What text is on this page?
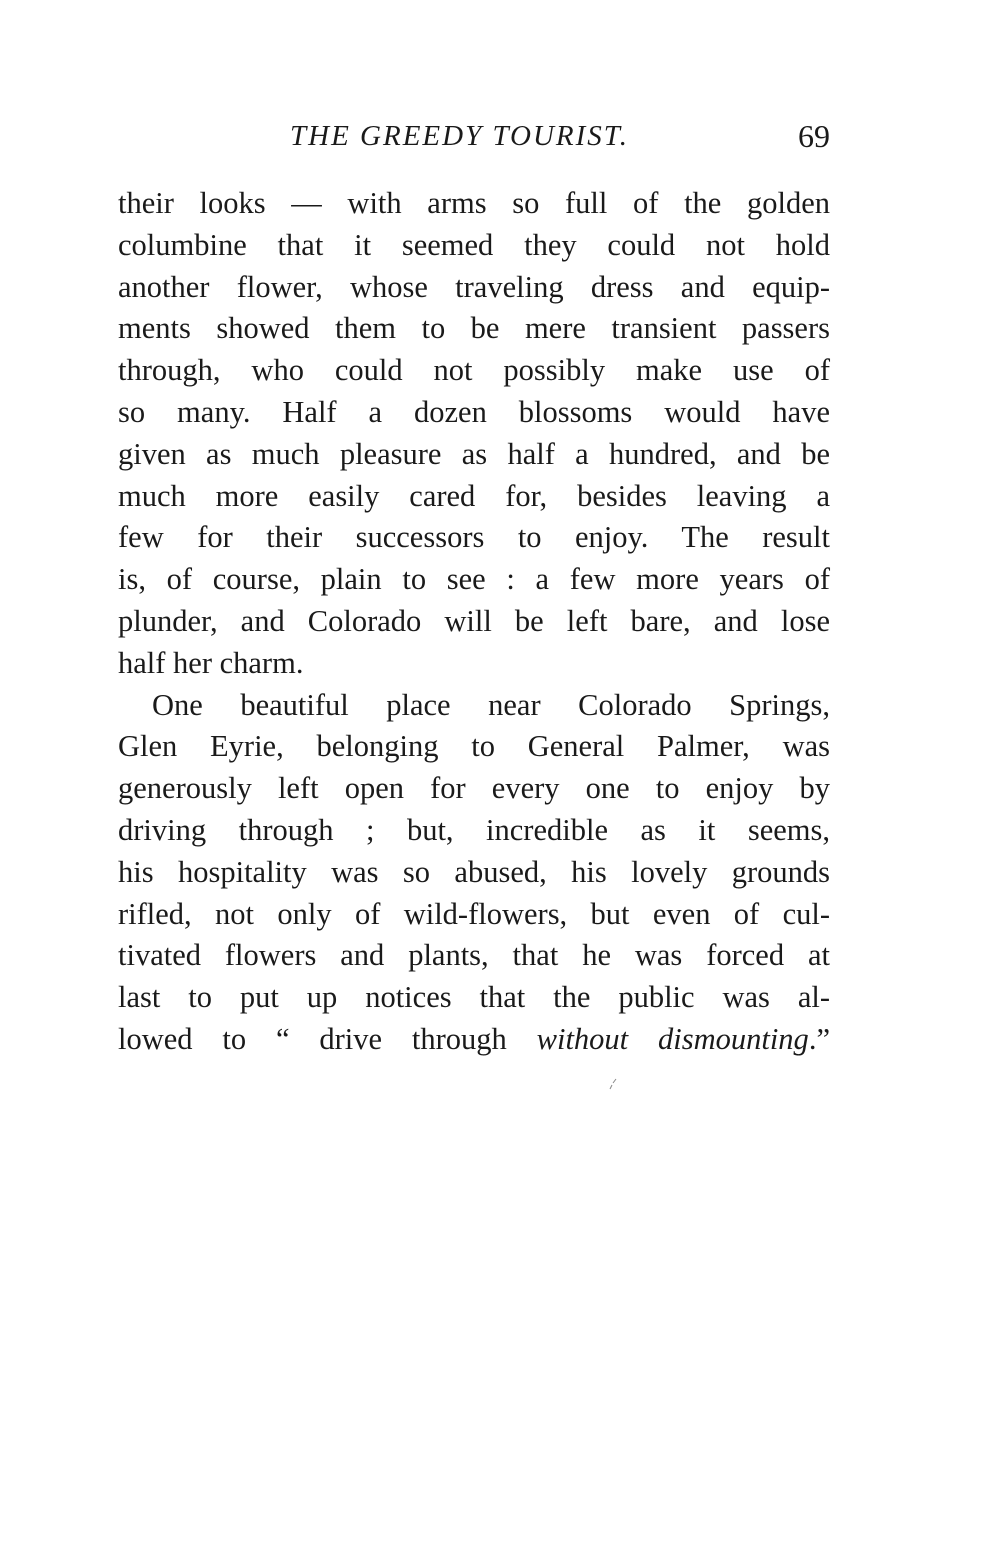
THE GREEDY TOURIST.	69
their looks — with arms so full of the golden
columbine that it seemed they could not hold
another flower, whose traveling dress and equip-
ments showed them to be mere transient passers
through, who could not possibly make use of
so many. Half a dozen blossoms would have
given as much pleasure as half a hundred, and be
much more easily cared for, besides leaving a
few for their successors to enjoy. The result
is, of course, plain to see : a few more years of
plunder, and Colorado will be left bare, and lose
half her charm.
One beautiful place near Colorado Springs,
Glen Eyrie, belonging to General Palmer, was
generously left open for every one to enjoy by
driving through ; but, incredible as it seems,
his hospitality was so abused, his lovely grounds
rifled, not only of wild-flowers, but even of cul-
tivated flowers and plants, that he was forced at
last to put up notices that the public was al-
lowed to “ drive through without dismounting.”
